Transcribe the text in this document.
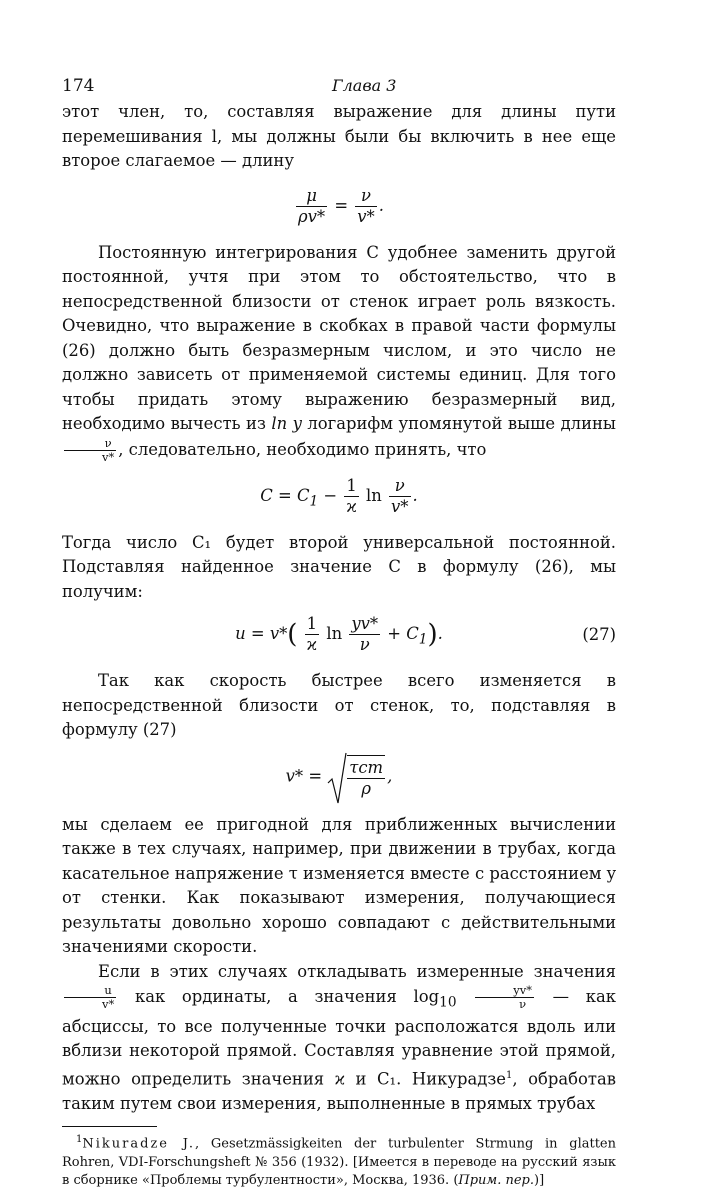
174	Глава 3

этот член, то, составляя выражение для длины пути перемешивания l, мы должны были бы включить в нее еще второе слагаемое — длину

$\frac{\mu}{\rho v*} = \frac{\nu}{v*}$ .

Постоянную интегрирования C удобнее заменить другой постоянной, учтя при этом то обстоятельство, что в непосредственной близости от стенок играет роль вязкость. Очевидно, что выражение в скобках в правой части формулы (26) должно быть безразмерным числом, и это число не должно зависеть от применяемой системы единиц. Для того чтобы придать этому выражению безразмерный вид, необходимо вычесть из ln y логарифм упомянутой выше длины
$\frac{\nu}{v*}$ , следовательно, необходимо принять, что

$C = C_1 - \frac{1}{ϰ}$ $\ln \frac{\nu}{v*}$ .

Тогда число C₁ будет второй универсальной постоянной. Подставляя найденное значение C в формулу (26), мы получим:

$u = v*( \frac{1}{ϰ}$ $\ln \frac{yv*}{\nu} + C_1$).	(27)

Так как скорость быстрее всего изменяется в непосредственной близости от стенок, то, подставляя в формулу (27)

$v* = \frac{\text{τст}}{\rho}$ ,

мы сделаем ее пригодной для приближенных вычислении также в тех случаях, например, при движении в трубах, когда касательное напряжение τ изменяется вместе с расстоянием y от стенки. Как показывают измерения, получающиеся результаты довольно хорошо совпадают с действительными значениями скорости.

Если в этих случаях откладывать измеренные значения
$\frac{u}{v*}$ как ординаты, а значения $\log_{10} \frac{yv*}{\nu}$ — как абсциссы, то все полученные точки расположатся вдоль или вблизи некоторой прямой. Составляя уравнение этой прямой, можно определить значения ϰ и C₁. Никурадзе$^1$, обработав таким путем свои измерения, выполненные в прямых трубах

$^1$Nikuradze J., Gesetzmässigkeiten der turbulenter Strmung in glatten Rohren, VDI-Forschungsheft № 356 (1932). [Имеется в переводе на русский язык в сборнике «Проблемы турбулентности», Москва, 1936. (Прим. пер.)]
